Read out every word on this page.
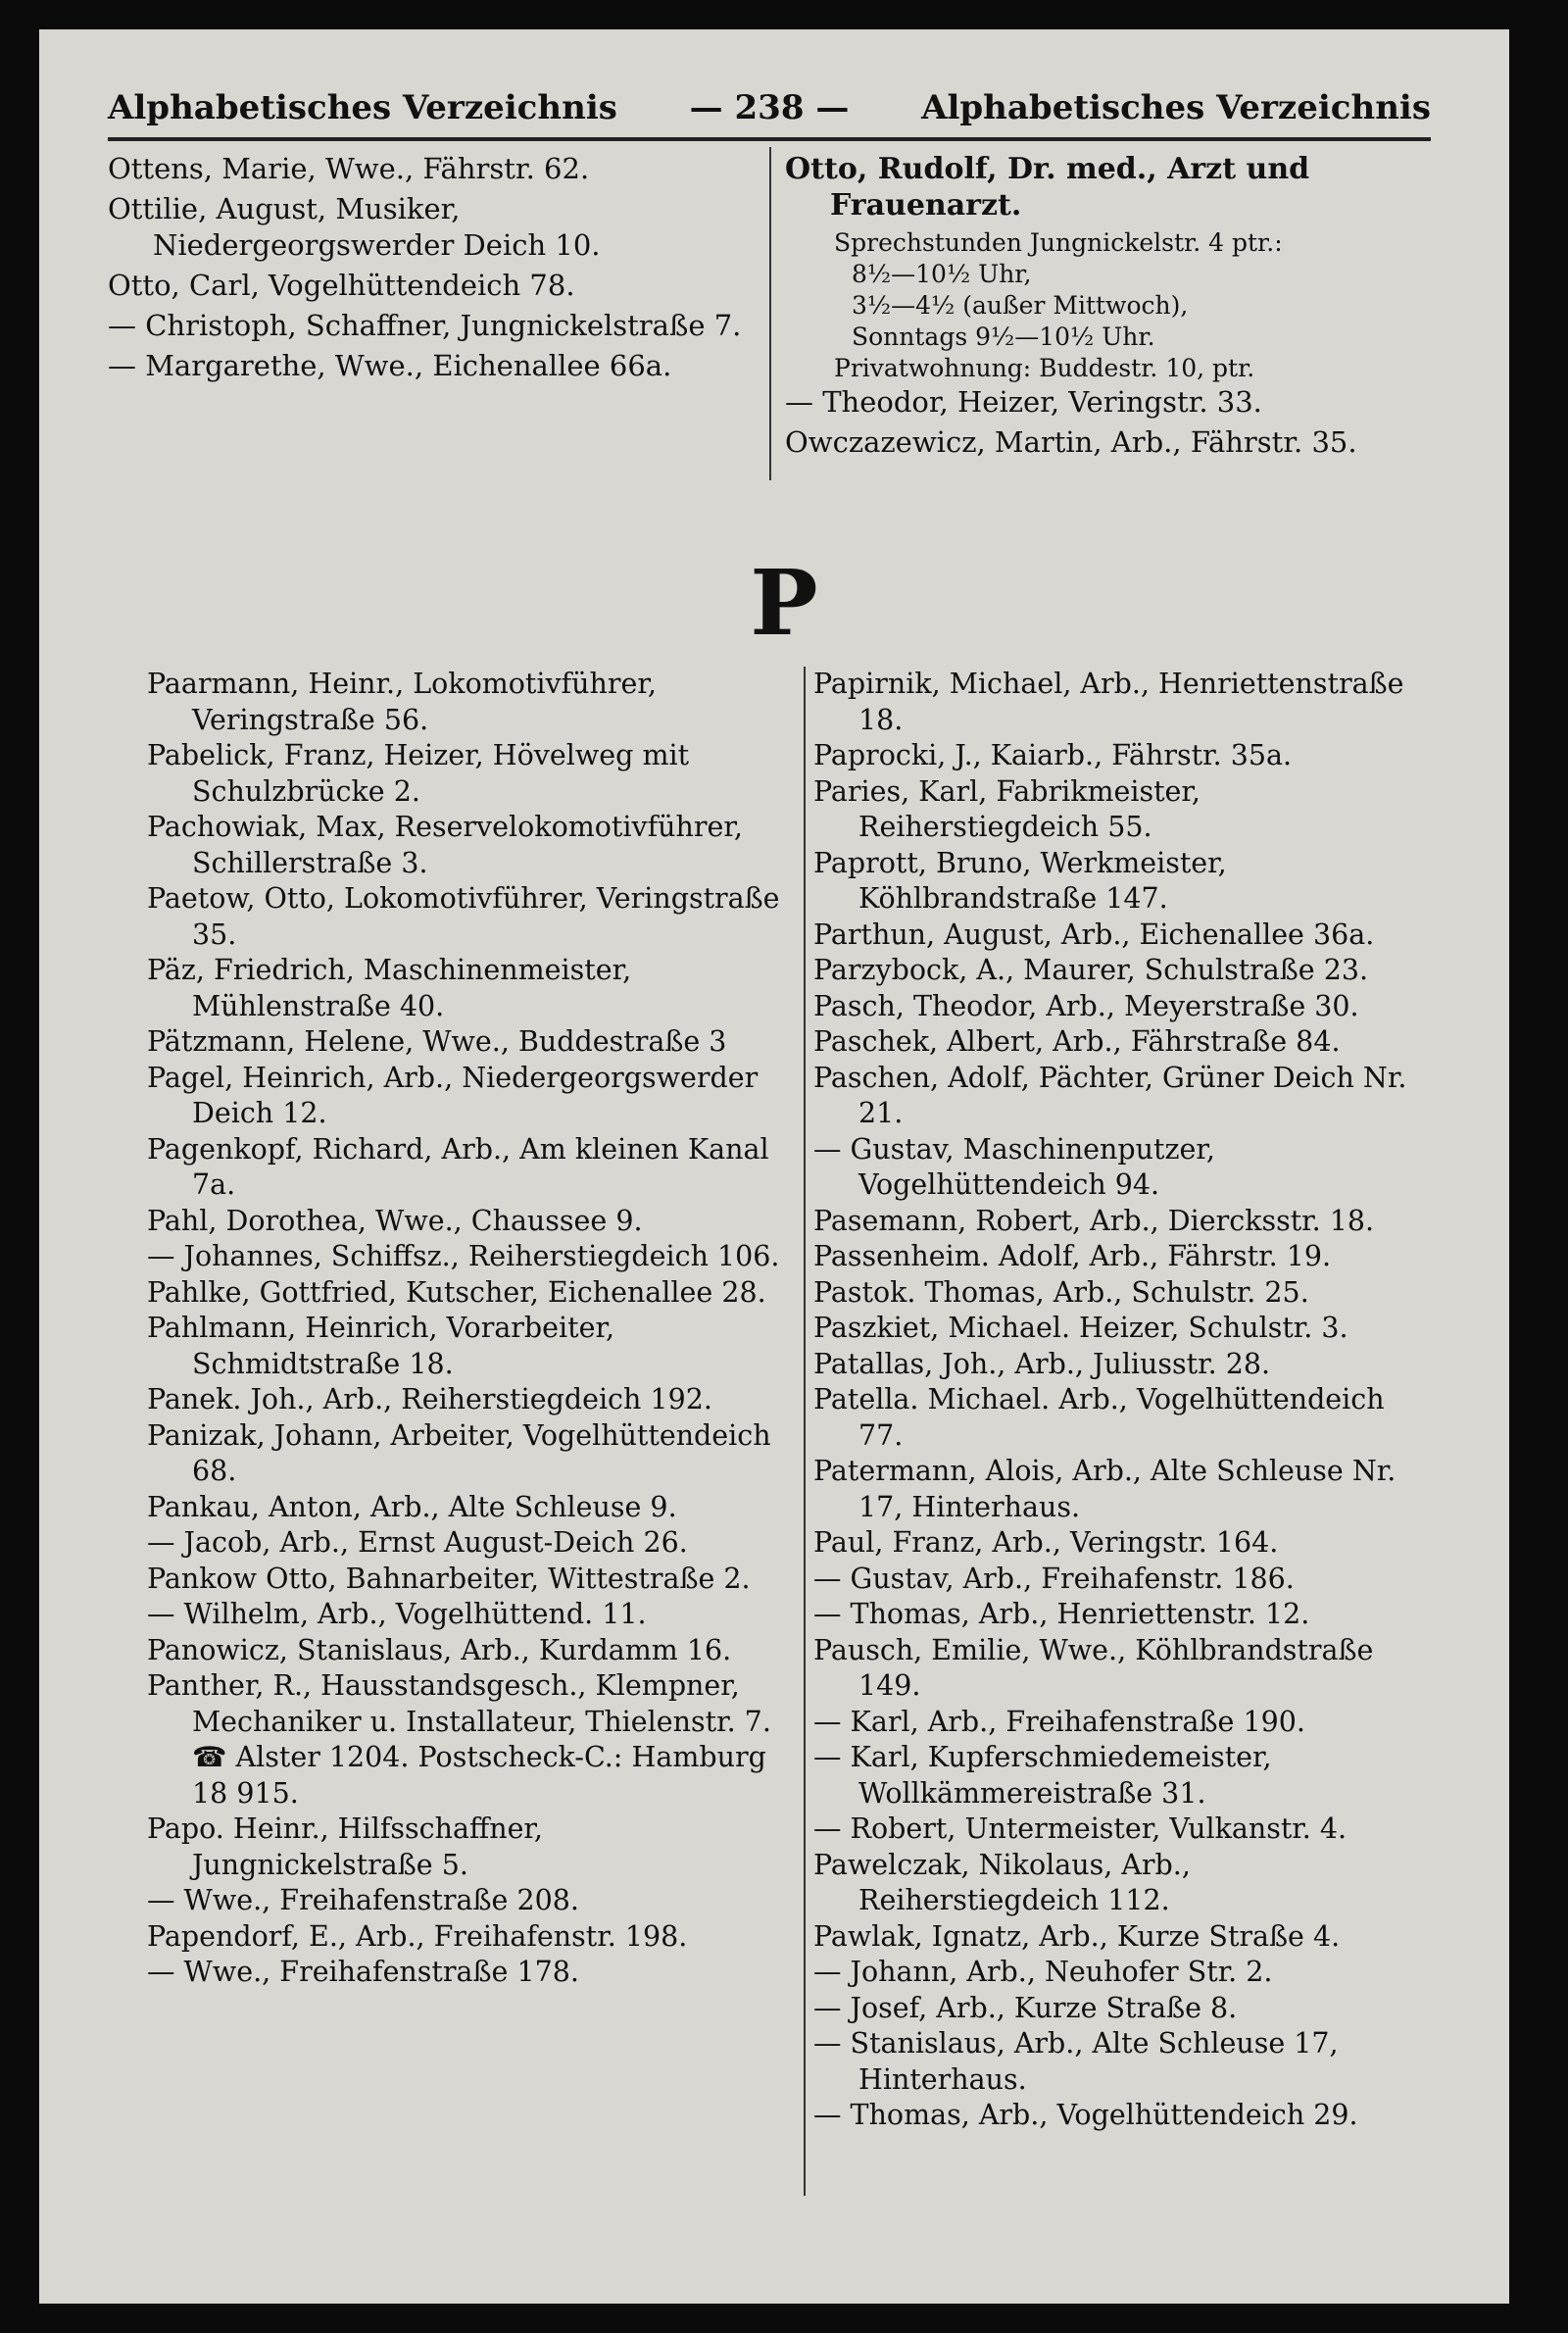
Alphabetisches Verzeichnis — 238 — Alphabetisches Verzeichnis
Ottens, Marie, Wwe., Fährstr. 62.
Ottilie, August, Musiker, Niedergeorgswerder Deich 10.
Otto, Carl, Vogelhüttendeich 78.
— Christoph, Schaffner, Jungnickelstraße 7.
— Margarethe, Wwe., Eichenallee 66a.
Otto, Rudolf, Dr. med., Arzt und Frauenarzt.
Sprechstunden Jungnickelstr. 4 ptr.:
8½—10½ Uhr,
3½—4½ (außer Mittwoch),
Sonntags 9½—10½ Uhr.
Privatwohnung: Buddestr. 10, ptr.
— Theodor, Heizer, Veringstr. 33.
Owczazewicz, Martin, Arb., Fährstr. 35.
P
Paarmann, Heinr., Lokomotivführer, Veringstraße 56.
Pabelick, Franz, Heizer, Hövelweg mit Schulzbrücke 2.
Pachowiak, Max, Reservelokomotivführer, Schillerstraße 3.
Paetow, Otto, Lokomotivführer, Veringstraße 35.
Päz, Friedrich, Maschinenmeister, Mühlenstraße 40.
Pätzmann, Helene, Wwe., Buddestraße 3
Pagel, Heinrich, Arb., Niedergeorgswerder Deich 12.
Pagenkopf, Richard, Arb., Am kleinen Kanal 7a.
Pahl, Dorothea, Wwe., Chaussee 9.
— Johannes, Schiffsz., Reiherstiegdeich 106.
Pahlke, Gottfried, Kutscher, Eichenallee 28.
Pahlmann, Heinrich, Vorarbeiter, Schmidtstraße 18.
Panek. Joh., Arb., Reiherstiegdeich 192.
Panizak, Johann, Arbeiter, Vogelhüttendeich 68.
Pankau, Anton, Arb., Alte Schleuse 9.
— Jacob, Arb., Ernst August-Deich 26.
Pankow Otto, Bahnarbeiter, Wittestraße 2.
— Wilhelm, Arb., Vogelhüttend. 11.
Panowicz, Stanislaus, Arb., Kurdamm 16.
Panther, R., Hausstandsgesch., Klempner, Mechaniker u. Installateur, Thielenstr. 7. ☎ Alster 1204. Postscheck-C.: Hamburg 18 915.
Papo. Heinr., Hilfsschaffner, Jungnickelstraße 5.
— Wwe., Freihafenstraße 208.
Papendorf, E., Arb., Freihafenstr. 198.
— Wwe., Freihafenstraße 178.
Papirnik, Michael, Arb., Henriettenstraße 18.
Paprocki, J., Kaiarb., Fährstr. 35a.
Paries, Karl, Fabrikmeister, Reiherstiegdeich 55.
Paprott, Bruno, Werkmeister, Köhlbrandstraße 147.
Parthun, August, Arb., Eichenallee 36a.
Parzybock, A., Maurer, Schulstraße 23.
Pasch, Theodor, Arb., Meyerstraße 30.
Paschek, Albert, Arb., Fährstraße 84.
Paschen, Adolf, Pächter, Grüner Deich Nr. 21.
— Gustav, Maschinenputzer, Vogelhüttendeich 94.
Pasemann, Robert, Arb., Diercksstr. 18.
Passenheim. Adolf, Arb., Fährstr. 19.
Pastok. Thomas, Arb., Schulstr. 25.
Paszkiet, Michael. Heizer, Schulstr. 3.
Patallas, Joh., Arb., Juliusstr. 28.
Patella. Michael. Arb., Vogelhüttendeich 77.
Patermann, Alois, Arb., Alte Schleuse Nr. 17, Hinterhaus.
Paul, Franz, Arb., Veringstr. 164.
— Gustav, Arb., Freihafenstr. 186.
— Thomas, Arb., Henriettenstr. 12.
Pausch, Emilie, Wwe., Köhlbrandstraße 149.
— Karl, Arb., Freihafenstraße 190.
— Karl, Kupferschmiedemeister, Wollkämmereistraße 31.
— Robert, Untermeister, Vulkanstr. 4.
Pawelczak, Nikolaus, Arb., Reiherstiegdeich 112.
Pawlak, Ignatz, Arb., Kurze Straße 4.
— Johann, Arb., Neuhofer Str. 2.
— Josef, Arb., Kurze Straße 8.
— Stanislaus, Arb., Alte Schleuse 17, Hinterhaus.
— Thomas, Arb., Vogelhüttendeich 29.
